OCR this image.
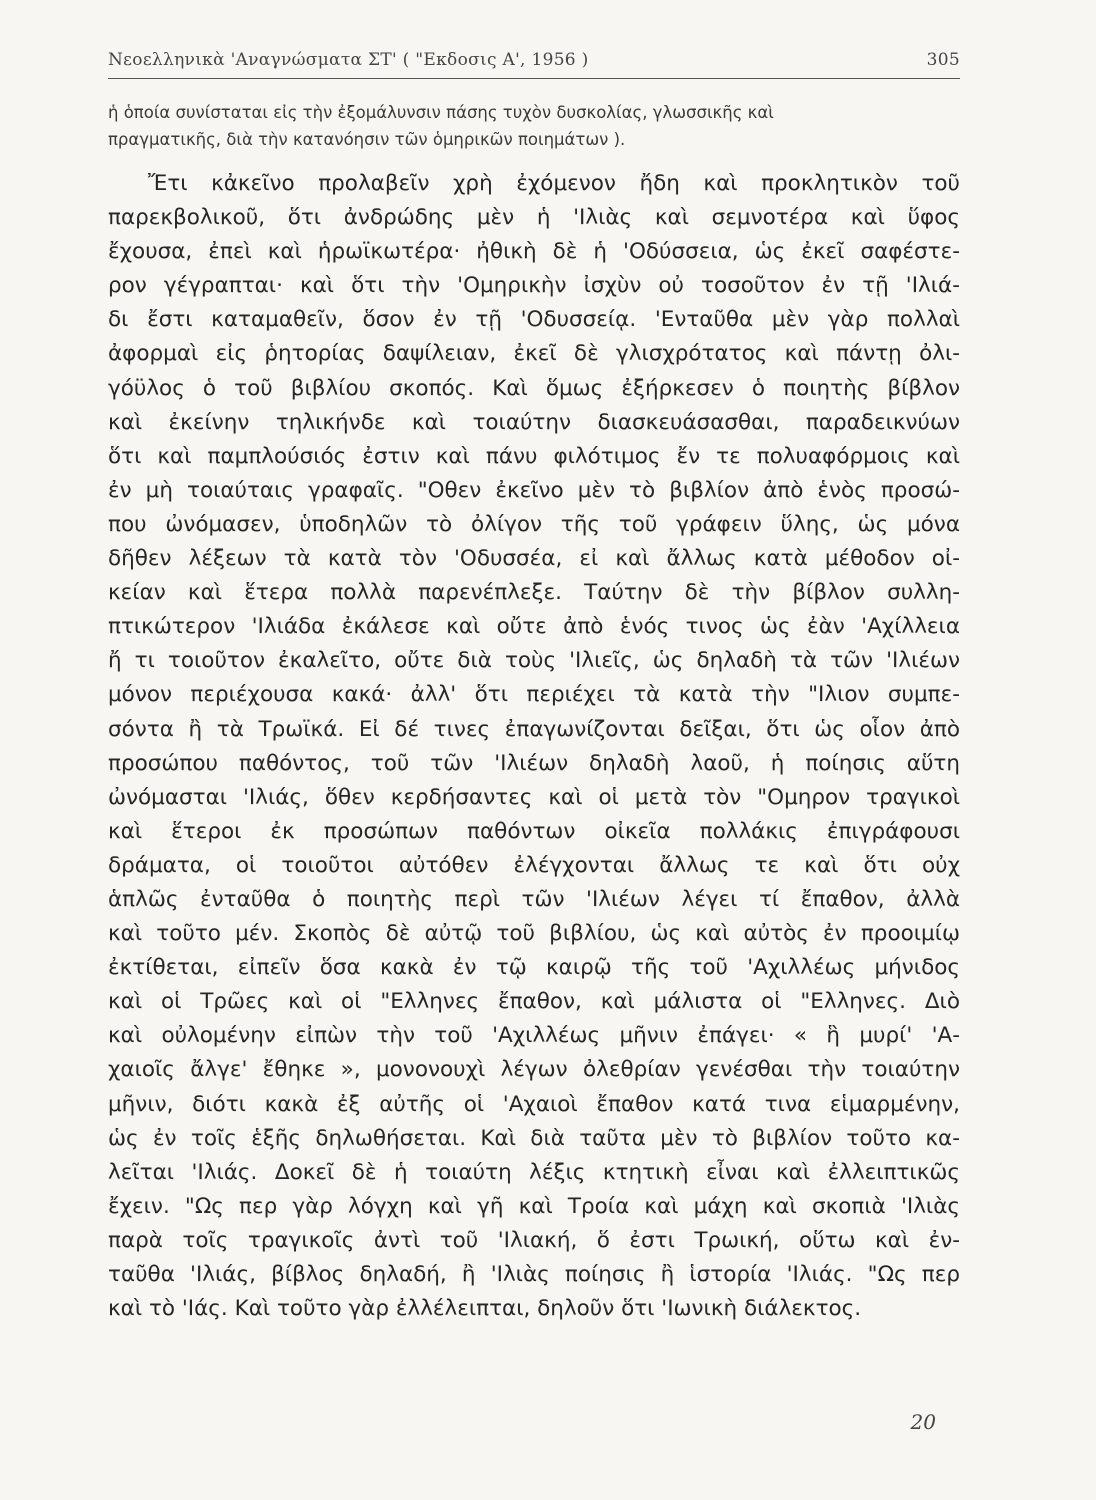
Νεοελληνικὰ 'Αναγνώσματα ΣΤ' ( "Εκδοσις Α', 1956 )	305
ἡ ὁποία συνίσταται εἰς τὴν ἐξομάλυνσιν πάσης τυχὸν δυσκολίας, γλωσσικῆς καὶ
πραγματικῆς, διὰ τὴν κατανόησιν τῶν ὁμηρικῶν ποιημάτων ).
Ἔτι κἀκεῖνο προλαβεῖν χρὴ ἐχόμενον ἤδη καὶ προκλητικὸν τοῦ
παρεκβολικοῦ, ὅτι ἀνδρώδης μὲν ἡ 'Ιλιὰς καὶ σεμνοτέρα καὶ ὕφος
ἔχουσα, ἐπεὶ καὶ ἡρωϊκωτέρα· ἠθικὴ δὲ ἡ 'Οδύσσεια, ὡς ἐκεῖ σαφέστε-
ρον γέγραπται· καὶ ὅτι τὴν 'Ομηρικὴν ἰσχὺν οὐ τοσοῦτον ἐν τῇ 'Ιλιά-
δι ἔστι καταμαθεῖν, ὅσον ἐν τῇ 'Οδυσσείᾳ. 'Ενταῦθα μὲν γὰρ πολλαὶ
ἀφορμαὶ εἰς ῥητορίας δαψίλειαν, ἐκεῖ δὲ γλισχρότατος καὶ πάντῃ ὀλι-
γόϋλος ὁ τοῦ βιβλίου σκοπός. Καὶ ὅμως ἐξήρκεσεν ὁ ποιητὴς βίβλον
καὶ ἐκείνην τηλικήνδε καὶ τοιαύτην διασκευάσασθαι, παραδεικνύων
ὅτι καὶ παμπλούσιός ἐστιν καὶ πάνυ φιλότιμος ἔν τε πολυαφόρμοις καὶ
ἐν μὴ τοιαύταις γραφαῖς. "Οθεν ἐκεῖνο μὲν τὸ βιβλίον ἀπὸ ἑνὸς προσώ-
που ὠνόμασεν, ὑποδηλῶν τὸ ὀλίγον τῆς τοῦ γράφειν ὕλης, ὡς μόνα
δῆθεν λέξεων τὰ κατὰ τὸν 'Οδυσσέα, εἰ καὶ ἄλλως κατὰ μέθοδον οἰ-
κείαν καὶ ἕτερα πολλὰ παρενέπλεξε. Ταύτην δὲ τὴν βίβλον συλλη-
πτικώτερον 'Ιλιάδα ἐκάλεσε καὶ οὔτε ἀπὸ ἑνός τινος ὡς ἐὰν 'Αχίλλεια
ἤ τι τοιοῦτον ἐκαλεῖτο, οὔτε διὰ τοὺς 'Ιλιεῖς, ὡς δηλαδὴ τὰ τῶν 'Ιλιέων
μόνον περιέχουσα κακά· ἀλλ' ὅτι περιέχει τὰ κατὰ τὴν "Ιλιον συμπε-
σόντα ἢ τὰ Τρωϊκά. Εἰ δέ τινες ἐπαγωνίζονται δεῖξαι, ὅτι ὡς οἷον ἀπὸ
προσώπου παθόντος, τοῦ τῶν 'Ιλιέων δηλαδὴ λαοῦ, ἡ ποίησις αὕτη
ὠνόμασται 'Ιλιάς, ὅθεν κερδήσαντες καὶ οἱ μετὰ τὸν "Ομηρον τραγικοὶ
καὶ ἕτεροι ἐκ προσώπων παθόντων οἰκεῖα πολλάκις ἐπιγράφουσι
δράματα, οἱ τοιοῦτοι αὐτόθεν ἐλέγχονται ἄλλως τε καὶ ὅτι οὐχ
ἁπλῶς ἐνταῦθα ὁ ποιητὴς περὶ τῶν 'Ιλιέων λέγει τί ἔπαθον, ἀλλὰ
καὶ τοῦτο μέν. Σκοπὸς δὲ αὐτῷ τοῦ βιβλίου, ὡς καὶ αὐτὸς ἐν προοιμίῳ
ἐκτίθεται, εἰπεῖν ὅσα κακὰ ἐν τῷ καιρῷ τῆς τοῦ 'Αχιλλέως μήνιδος
καὶ οἱ Τρῶες καὶ οἱ "Ελληνες ἔπαθον, καὶ μάλιστα οἱ "Ελληνες. Διὸ
καὶ οὐλομένην εἰπὼν τὴν τοῦ 'Αχιλλέως μῆνιν ἐπάγει· « ἣ μυρί' 'Α-
χαιοῖς ἄλγε' ἔθηκε », μονονουχὶ λέγων ὀλεθρίαν γενέσθαι τὴν τοιαύτην
μῆνιν, διότι κακὰ ἐξ αὐτῆς οἱ 'Αχαιοὶ ἔπαθον κατά τινα εἱμαρμένην,
ὡς ἐν τοῖς ἑξῆς δηλωθήσεται. Καὶ διὰ ταῦτα μὲν τὸ βιβλίον τοῦτο κα-
λεῖται 'Ιλιάς. Δοκεῖ δὲ ἡ τοιαύτη λέξις κτητικὴ εἶναι καὶ ἐλλειπτικῶς
ἔχειν. "Ως περ γὰρ λόγχη καὶ γῆ καὶ Τροία καὶ μάχη καὶ σκοπιὰ 'Ιλιὰς
παρὰ τοῖς τραγικοῖς ἀντὶ τοῦ 'Ιλιακή, ὅ ἐστι Τρωική, οὕτω καὶ ἐν-
ταῦθα 'Ιλιάς, βίβλος δηλαδή, ἢ 'Ιλιὰς ποίησις ἢ ἱστορία 'Ιλιάς. "Ως περ
καὶ τὸ 'Ιάς. Καὶ τοῦτο γὰρ ἐλλέλειπται, δηλοῦν ὅτι 'Ιωνικὴ διάλεκτος.
20
